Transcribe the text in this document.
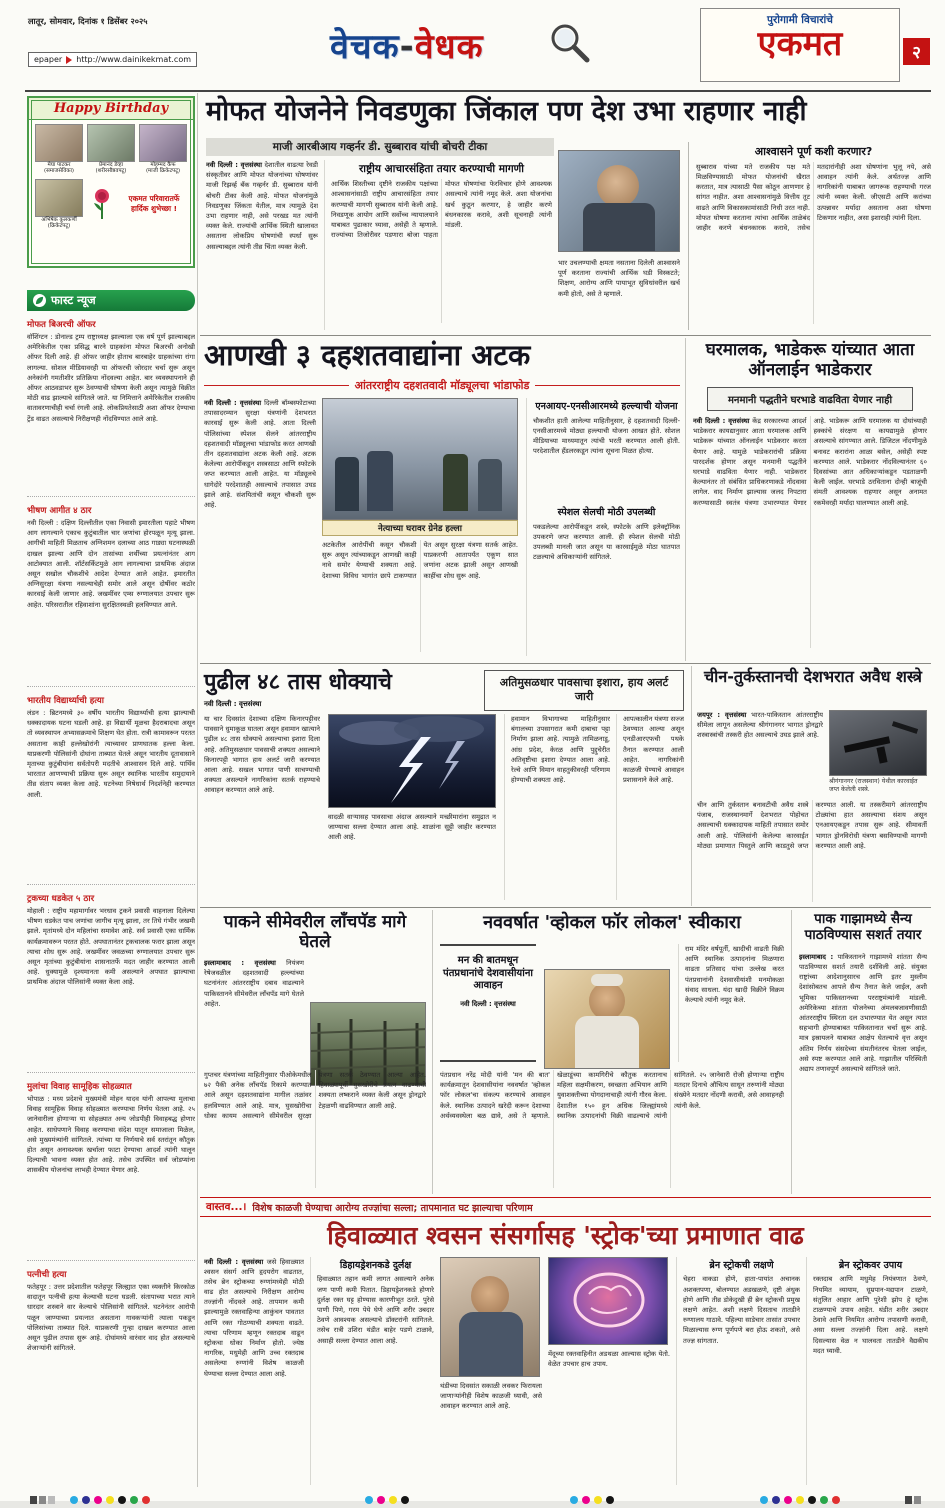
लातूर, सोमवार, दिनांक १ डिसेंबर २०२५
epaper http://www.dainikekmat.com	वेचक-वेधक
पुरोगामी विचारांचे
एकमत	२
Happy Birthday
मेघा पाटकर
(समाजसेविका)
प्रेमानंद डेव्हा
(शरीरसौष्ठवपटू)
मोहम्मद कैफ
(माजी क्रिकेटपटू)
अभिषेक कुलकर्णी
(क्रिकेटपटू)
एकमत परिवारातर्फे हार्दिक शुभेच्छा !
फास्ट न्यूज
मोफत बिअरची ऑफर
वॉशिंग्टन : डोनाल्ड ट्रम्प राष्ट्राध्यक्ष झाल्याला एक वर्ष पूर्ण झाल्याबद्दल अमेरिकेतील एका प्रसिद्ध बारने ग्राहकांना मोफत बिअरची अनोखी ऑफर दिली आहे. ही ऑफर जाहीर होताच बारबाहेर ग्राहकांच्या रांगा लागल्या. सोशल मीडियावरही या ऑफरची जोरदार चर्चा सुरू असून अनेकांनी गमतीशीर प्रतिक्रिया नोंदवल्या आहेत. बार व्यवस्थापनाने ही ऑफर आठवडाभर सुरू ठेवण्याची घोषणा केली असून त्यामुळे विक्रीत मोठी वाढ झाल्याचे सांगितले जाते. या निमित्ताने अमेरिकेतील राजकीय वातावरणाचीही चर्चा रंगली आहे. लोकप्रियतेसाठी अशा ऑफर देण्याचा ट्रेंड वाढत असल्याचे निरीक्षणही नोंदविण्यात आले आहे.
भीषण आगीत ४ ठार
नवी दिल्ली : दक्षिण दिल्लीतील एका निवासी इमारतीला पहाटे भीषण आग लागल्याने एकाच कुटुंबातील चार जणांचा होरपळून मृत्यू झाला. आगीची माहिती मिळताच अग्निशमन दलाच्या आठ गाड्या घटनास्थळी दाखल झाल्या आणि दोन तासांच्या शर्थीच्या प्रयत्नांनंतर आग आटोक्यात आली. शॉर्टसर्किटमुळे आग लागल्याचा प्राथमिक अंदाज असून सखोल चौकशीचे आदेश देण्यात आले आहेत. इमारतीत अग्निसुरक्षा यंत्रणा नसल्याचेही समोर आले असून दोषींवर कठोर कारवाई केली जाणार आहे. जखमींवर एम्स रुग्णालयात उपचार सुरू आहेत. परिसरातील रहिवाशांना सुरक्षितस्थळी हलविण्यात आले.
भारतीय विद्यार्थ्याची हत्या
लंडन : ब्रिटनमध्ये ३० वर्षीय भारतीय विद्यार्थ्याची हत्या झाल्याची धक्कादायक घटना घडली आहे. हा विद्यार्थी मूळचा हैदराबादचा असून तो व्यवस्थापन अभ्यासक्रमाचे शिक्षण घेत होता. रात्री कामावरून परतत असताना काही हल्लेखोरांनी त्याच्यावर प्राणघातक हल्ला केला. याप्रकरणी पोलिसांनी दोघांना ताब्यात घेतले असून भारतीय दूतावासाने मृताच्या कुटुंबीयांना सर्वतोपरी मदतीचे आश्वासन दिले आहे. पार्थिव भारतात आणण्याची प्रक्रिया सुरू असून स्थानिक भारतीय समुदायाने तीव्र संताप व्यक्त केला आहे. घटनेच्या निषेधार्थ निदर्शनेही करण्यात आली.
ट्रकच्या धडकेत ५ ठार
मोहाली : राष्ट्रीय महामार्गावर भरधाव ट्रकने प्रवासी वाहनाला दिलेल्या भीषण धडकेत पाच जणांचा जागीच मृत्यू झाला, तर तिघे गंभीर जखमी झाले. मृतांमध्ये दोन महिलांचा समावेश आहे. सर्व प्रवासी एका धार्मिक कार्यक्रमावरून परतत होते. अपघातानंतर ट्रकचालक फरार झाला असून त्याचा शोध सुरू आहे. जखमींवर जवळच्या रुग्णालयात उपचार सुरू असून मृतांच्या कुटुंबीयांना शासनातर्फे मदत जाहीर करण्यात आली आहे. धुक्यामुळे दृश्यमानता कमी असल्याने अपघात झाल्याचा प्राथमिक अंदाज पोलिसांनी व्यक्त केला आहे.
मुलांचा विवाह सामूहिक सोहळ्यात
भोपाळ : मध्य प्रदेशचे मुख्यमंत्री मोहन यादव यांनी आपल्या मुलाचा विवाह सामूहिक विवाह सोहळ्यात करण्याचा निर्णय घेतला आहे. २५ जानेवारीला होणाऱ्या या सोहळ्यात अन्य जोडपीही विवाहबद्ध होणार आहेत. साधेपणाने विवाह करण्याचा संदेश यातून समाजाला मिळेल, असे मुख्यमंत्र्यांनी सांगितले. त्यांच्या या निर्णयाचे सर्व स्तरांतून कौतुक होत असून अनावश्यक खर्चाला फाटा देण्याचा आदर्श त्यांनी घालून दिल्याची भावना व्यक्त होत आहे. तसेच उपस्थित सर्व जोडप्यांना शासकीय योजनांचा लाभही देण्यात येणार आहे.
पत्नीची हत्या
फतेहपूर : उत्तर प्रदेशातील फतेहपूर जिल्ह्यात एका व्यक्तीने किरकोळ वादातून पत्नीची हत्या केल्याची घटना घडली. संतापाच्या भरात त्याने धारदार शस्त्राने वार केल्याचे पोलिसांनी सांगितले. घटनेनंतर आरोपी पळून जाण्याच्या प्रयत्नात असताना गावकऱ्यांनी त्याला पकडून पोलिसांच्या ताब्यात दिले. याप्रकरणी गुन्हा दाखल करण्यात आला असून पुढील तपास सुरू आहे. दोघांमध्ये वारंवार वाद होत असल्याचे शेजाऱ्यांनी सांगितले.
मोफत योजनेने निवडणुका जिंकाल पण देश उभा राहणार नाही
माजी आरबीआय गव्हर्नर डी. सुब्बाराव यांची बोचरी टीका
नवी दिल्ली : वृत्तसंस्था देशातील वाढत्या रेवडी संस्कृतीवर आणि मोफत योजनांच्या घोषणांवर माजी रिझर्व्ह बँक गव्हर्नर डी. सुब्बाराव यांनी बोचरी टीका केली आहे. मोफत योजनांमुळे निवडणुका जिंकता येतील, मात्र त्यामुळे देश उभा राहणार नाही, असे परखड मत त्यांनी व्यक्त केले. राज्यांची आर्थिक स्थिती खालावत असताना लोकप्रिय घोषणांची स्पर्धा सुरू असल्याबद्दल त्यांनी तीव्र चिंता व्यक्त केली.
राष्ट्रीय आचारसंहिता तयार करण्याची मागणी
आर्थिक शिस्तीच्या दृष्टीने राजकीय पक्षांच्या आश्वासनांसाठी राष्ट्रीय आचारसंहिता तयार करण्याची मागणी सुब्बाराव यांनी केली आहे. निवडणूक आयोग आणि सर्वोच्च न्यायालयाने याबाबत पुढाकार घ्यावा, असेही ते म्हणाले. राज्यांच्या तिजोरीवर पडणारा बोजा पाहता मोफत घोषणांचा फेरविचार होणे आवश्यक असल्याचे त्यांनी नमूद केले. अशा योजनांचा खर्च कुठून करणार, हे जाहीर करणे बंधनकारक करावे, अशी सूचनाही त्यांनी मांडली.
भार उचलण्याची क्षमता नसताना दिलेली आश्वासने पूर्ण करताना राज्यांची आर्थिक घडी विस्कटते; शिक्षण, आरोग्य आणि पायाभूत सुविधांवरील खर्च कमी होतो, असे ते म्हणाले.
आश्वासने पूर्ण कशी करणार?
सुब्बाराव यांच्या मते राजकीय पक्ष मते मिळविण्यासाठी मोफत योजनांची खैरात करतात, मात्र त्यासाठी पैसा कोठून आणणार हे सांगत नाहीत. अशा आश्वासनांमुळे वित्तीय तूट वाढते आणि विकासकामांसाठी निधी उरत नाही. मोफत घोषणा करताना त्यांचा आर्थिक ताळेबंद जाहीर करणे बंधनकारक करावे, तसेच मतदारांनीही अशा घोषणांना भुलू नये, असे आवाहन त्यांनी केले. अर्थतज्ज्ञ आणि नागरिकांनी याबाबत जागरूक राहण्याची गरज त्यांनी व्यक्त केली. जीएसटी आणि करांच्या उत्पन्नावर मर्यादा असताना अशा घोषणा टिकणार नाहीत, असा इशाराही त्यांनी दिला.
आणखी ३ दहशतवाद्यांना अटक
आंतरराष्ट्रीय दहशतवादी मॉड्यूलचा भांडाफोड
नवी दिल्ली : वृत्तसंस्था दिल्ली बॉम्बस्फोटाच्या तपासादरम्यान सुरक्षा यंत्रणांनी देशभरात कारवाई सुरू केली आहे. आता दिल्ली पोलिसांच्या स्पेशल सेलने आंतरराष्ट्रीय दहशतवादी मॉड्यूलचा भांडाफोड करत आणखी तीन दहशतवाद्यांना अटक केली आहे. अटक केलेल्या आरोपींकडून शस्त्रसाठा आणि स्फोटके जप्त करण्यात आली आहेत. या मॉड्यूलचे धागेदोरे परदेशातही असल्याचे तपासात उघड झाले आहे. संशयितांची कसून चौकशी सुरू आहे.
नेत्याच्या घरावर ग्रेनेड हल्ला
अटकेतील आरोपींची कसून चौकशी सुरू असून त्यांच्याकडून आणखी काही नावे समोर येण्याची शक्यता आहे. देशाच्या विविध भागांत छापे टाकण्यात येत असून सुरक्षा यंत्रणा सतर्क आहेत. याप्रकरणी आतापर्यंत एकूण सात जणांना अटक झाली असून आणखी काहींचा शोध सुरू आहे.
एनआयए-एनसीआरमध्ये हल्ल्याची योजना
चौकशीत हाती आलेल्या माहितीनुसार, हे दहशतवादी दिल्ली-एनसीआरमध्ये मोठ्या हल्ल्याची योजना आखत होते. सोशल मीडियाच्या माध्यमातून त्यांची भरती करण्यात आली होती. परदेशातील हँडलरकडून त्यांना सूचना मिळत होत्या.
स्पेशल सेलची मोठी उपलब्धी
पकडलेल्या आरोपींकडून शस्त्रे, स्फोटके आणि इलेक्ट्रॉनिक उपकरणे जप्त करण्यात आली. ही स्पेशल सेलची मोठी उपलब्धी मानली जात असून या कारवाईमुळे मोठा घातपात टळल्याचे अधिकाऱ्यांनी सांगितले.
घरमालक, भाडेकरू यांच्यात आता ऑनलाईन भाडेकरार
मनमानी पद्धतीने घरभाडे वाढविता येणार नाही
नवी दिल्ली : वृत्तसंस्था केंद्र सरकारच्या आदर्श भाडेकरार कायद्यानुसार आता घरमालक आणि भाडेकरू यांच्यात ऑनलाईन भाडेकरार करता येणार आहे. यामुळे भाडेकरारांची प्रक्रिया पारदर्शक होणार असून मनमानी पद्धतीने घरभाडे वाढविता येणार नाही. भाडेकरार केल्यानंतर तो संबंधित प्राधिकरणाकडे नोंदवावा लागेल. वाद निर्माण झाल्यास जलद निपटारा करण्यासाठी स्वतंत्र यंत्रणा उभारण्यात येणार आहे. भाडेकरू आणि घरमालक या दोघांच्याही हक्कांचे संरक्षण या कायद्यामुळे होणार असल्याचे सांगण्यात आले. डिजिटल नोंदणीमुळे बनावट करारांना आळा बसेल, असेही स्पष्ट करण्यात आले. भाडेकरार नोंदविल्यानंतर ६० दिवसांच्या आत अधिकाऱ्यांकडून पडताळणी केली जाईल. घरभाडे ठरविताना दोन्ही बाजूंची संमती आवश्यक राहणार असून अनामत रकमेवरही मर्यादा घालण्यात आली आहे.
पुढील ४८ तास धोक्याचे	अतिमुसळधार पावसाचा इशारा, हाय अलर्ट जारी
नवी दिल्ली : वृत्तसंस्था
या चार दिवसांत देशाच्या दक्षिण किनारपट्टीवर पावसाने धुमाकूळ घातला असून हवामान खात्याने पुढील ४८ तास धोक्याचे असल्याचा इशारा दिला आहे. अतिमुसळधार पावसाची शक्यता असल्याने किनारपट्टी भागात हाय अलर्ट जारी करण्यात आला आहे. सखल भागात पाणी साचण्याची शक्यता असल्याने नागरिकांना सतर्क राहण्याचे आवाहन करण्यात आले आहे.
वादळी वाऱ्यासह पावसाचा अंदाज असल्याने मच्छीमारांना समुद्रात न जाण्याचा सल्ला देण्यात आला आहे. शाळांना सुट्टी जाहीर करण्यात आली आहे.
हवामान विभागाच्या माहितीनुसार बंगालच्या उपसागरात कमी दाबाचा पट्टा निर्माण झाला आहे. त्यामुळे तामिळनाडू, आंध्र प्रदेश, केरळ आणि पुद्दुचेरीत अतिवृष्टीचा इशारा देण्यात आला आहे. रेल्वे आणि विमान वाहतुकीवरही परिणाम होण्याची शक्यता आहे.
आपत्कालीन यंत्रणा सज्ज ठेवण्यात आल्या असून एनडीआरएफची पथके तैनात करण्यात आली आहेत. नागरिकांनी काळजी घेण्याचे आवाहन प्रशासनाने केले आहे.
चीन-तुर्कस्तानची देशभरात अवैध शस्त्रे
जयपूर : वृत्तसंस्था भारत-पाकिस्तान आंतरराष्ट्रीय सीमेला लागून असलेल्या श्रीगंगानगर भागात ड्रोनद्वारे शस्त्रास्त्रांची तस्करी होत असल्याचे उघड झाले आहे.
श्रीगंगानगर (राजस्थान) येथील कारवाईत जप्त केलेली शस्त्रे.
चीन आणि तुर्कस्तान बनावटीची अवैध शस्त्रे पंजाब, राजस्थानमार्गे देशभरात पोहोचत असल्याची धक्कादायक माहिती तपासात समोर आली आहे. पोलिसांनी केलेल्या कारवाईत मोठ्या प्रमाणात पिस्तुले आणि काडतुसे जप्त करण्यात आली. या तस्करीमागे आंतरराष्ट्रीय टोळ्यांचा हात असल्याचा संशय असून एनआयएकडून तपास सुरू आहे. सीमावर्ती भागात ड्रोनविरोधी यंत्रणा बसविण्याची मागणी करण्यात आली आहे.
पाकने सीमेवरील लाँचपॅड मागे घेतले
इस्लामाबाद : वृत्तसंस्था नियंत्रण रेषेजवळील दहशतवादी हल्ल्यांच्या घटनांनंतर आंतरराष्ट्रीय दबाव वाढल्याने पाकिस्तानने सीमेवरील लाँचपॅड मागे घेतले आहेत.
गुप्तचर यंत्रणांच्या माहितीनुसार पीओकेमधील ७२ पैकी अनेक लाँचपॅड रिकामे करण्यात आले असून दहशतवाद्यांना मागील तळांवर हलविण्यात आले आहे. मात्र, घुसखोरीचा धोका कायम असल्याने सीमेवरील सुरक्षा यंत्रणा सतर्क ठेवण्यात आल्या आहेत. हिवाळ्यापूर्वी घुसखोरीचे प्रयत्न वाढण्याची शक्यता लष्कराने व्यक्त केली असून ड्रोनद्वारे टेहळणी वाढविण्यात आली आहे.
नववर्षात 'व्होकल फॉर लोकल' स्वीकारा
मन की बातमधून पंतप्रधानांचे देशवासीयांना आवाहन
नवी दिल्ली : वृत्तसंस्था
राम मंदिर वर्षपूर्ती, खादीची वाढती विक्री आणि स्थानिक उत्पादनांना मिळणारा वाढता प्रतिसाद यांचा उल्लेख करत पंतप्रधानांनी देशवासीयांशी मनमोकळा संवाद साधला. यंदा खादी विक्रीने विक्रम केल्याचे त्यांनी नमूद केले.
पंतप्रधान नरेंद्र मोदी यांनी 'मन की बात' कार्यक्रमातून देशवासीयांना नववर्षात 'व्होकल फॉर लोकल'चा संकल्प करण्याचे आवाहन केले. स्थानिक उत्पादने खरेदी करून देशाच्या अर्थव्यवस्थेला बळ द्यावे, असे ते म्हणाले. खेळाडूंच्या कामगिरीचे कौतुक करतानाच महिला सक्षमीकरण, स्वच्छता अभियान आणि युवाशक्तीच्या योगदानाचाही त्यांनी गौरव केला. देशातील १५० हून अधिक जिल्ह्यांमध्ये स्थानिक उत्पादनांची विक्री वाढल्याचे त्यांनी सांगितले. २५ जानेवारी रोजी होणाऱ्या राष्ट्रीय मतदार दिनाचे औचित्य साधून तरुणांनी मोठ्या संख्येने मतदार नोंदणी करावी, असे आवाहनही त्यांनी केले.
पाक गाझामध्ये सैन्य पाठविण्यास सशर्त तयार
इस्लामाबाद : पाकिस्तानने गाझामध्ये शांतता सैन्य पाठविण्यास सशर्त तयारी दर्शविली आहे. संयुक्त राष्ट्रांच्या आदेशानुसारच आणि इतर मुस्लीम देशांसोबतच आपले सैन्य तैनात केले जाईल, अशी भूमिका पाकिस्तानच्या परराष्ट्रमंत्र्यांनी मांडली. अमेरिकेच्या शांतता योजनेच्या अंमलबजावणीसाठी आंतरराष्ट्रीय स्थिरता दल उभारण्यात येत असून त्यात सहभागी होण्याबाबत पाकिस्तानात चर्चा सुरू आहे. मात्र इस्रायलने याबाबत आक्षेप घेतल्याचे वृत्त असून अंतिम निर्णय संसदेच्या संमतीनंतरच घेतला जाईल, असे स्पष्ट करण्यात आले आहे. गाझातील परिस्थिती अद्याप तणावपूर्ण असल्याचे सांगितले जाते.
वास्तव...। विशेष काळजी घेण्याचा आरोग्य तज्ज्ञांचा सल्ला; तापमानात घट झाल्याचा परिणाम
हिवाळ्यात श्वसन संसर्गासह 'स्ट्रोक'च्या प्रमाणात वाढ
नवी दिल्ली : वृत्तसंस्था जसे हिवाळ्यात श्वसन संसर्ग आणि हृदयरोग वाढतात, तसेच ब्रेन स्ट्रोकच्या रुग्णांमध्येही मोठी वाढ होत असल्याचे निरीक्षण आरोग्य तज्ज्ञांनी नोंदवले आहे. तापमान कमी झाल्यामुळे रक्तवाहिन्या आकुंचन पावतात आणि रक्त गोठण्याची शक्यता वाढते. त्याचा परिणाम म्हणून रक्तदाब वाढून स्ट्रोकचा धोका निर्माण होतो. ज्येष्ठ नागरिक, मधुमेही आणि उच्च रक्तदाब असलेल्या रुग्णांनी विशेष काळजी घेण्याचा सल्ला देण्यात आला आहे.
डिहायड्रेशनकडे दुर्लक्ष
हिवाळ्यात तहान कमी लागत असल्याने अनेक जण पाणी कमी पितात. डिहायड्रेशनकडे होणारे दुर्लक्ष रक्त घट्ट होण्यास कारणीभूत ठरते. पुरेसे पाणी पिणे, गरम पेये घेणे आणि शरीर उबदार ठेवणे आवश्यक असल्याचे डॉक्टरांनी सांगितले. तसेच रात्री उशिरा थंडीत बाहेर पडणे टाळावे, असाही सल्ला देण्यात आला आहे.
थंडीच्या दिवसांत सकाळी लवकर फिरायला जाणाऱ्यांनीही विशेष काळजी घ्यावी, असे आवाहन करण्यात आले आहे.
मेंदूच्या रक्तवाहिनीत अडथळा आल्यास स्ट्रोक येतो. वेळेत उपचार हाच उपाय.
ब्रेन स्ट्रोकची लक्षणे
चेहरा वाकडा होणे, हाता-पायांत अचानक अशक्तपणा, बोलण्यात अडखळणे, दृष्टी अंधुक होणे आणि तीव्र डोकेदुखी ही ब्रेन स्ट्रोकची प्रमुख लक्षणे आहेत. अशी लक्षणे दिसताच तातडीने रुग्णालय गाठावे. पहिल्या साडेचार तासांत उपचार मिळाल्यास रुग्ण पूर्णपणे बरा होऊ शकतो, असे तज्ज्ञ सांगतात.
ब्रेन स्ट्रोकवर उपाय
रक्तदाब आणि मधुमेह नियंत्रणात ठेवणे, नियमित व्यायाम, धूम्रपान-मद्यपान टाळणे, संतुलित आहार आणि पुरेशी झोप हे स्ट्रोक टाळण्याचे उपाय आहेत. थंडीत शरीर उबदार ठेवावे आणि नियमित आरोग्य तपासणी करावी, असा सल्ला तज्ज्ञांनी दिला आहे. लक्षणे दिसल्यास वेळ न घालवता तातडीने वैद्यकीय मदत घ्यावी.
